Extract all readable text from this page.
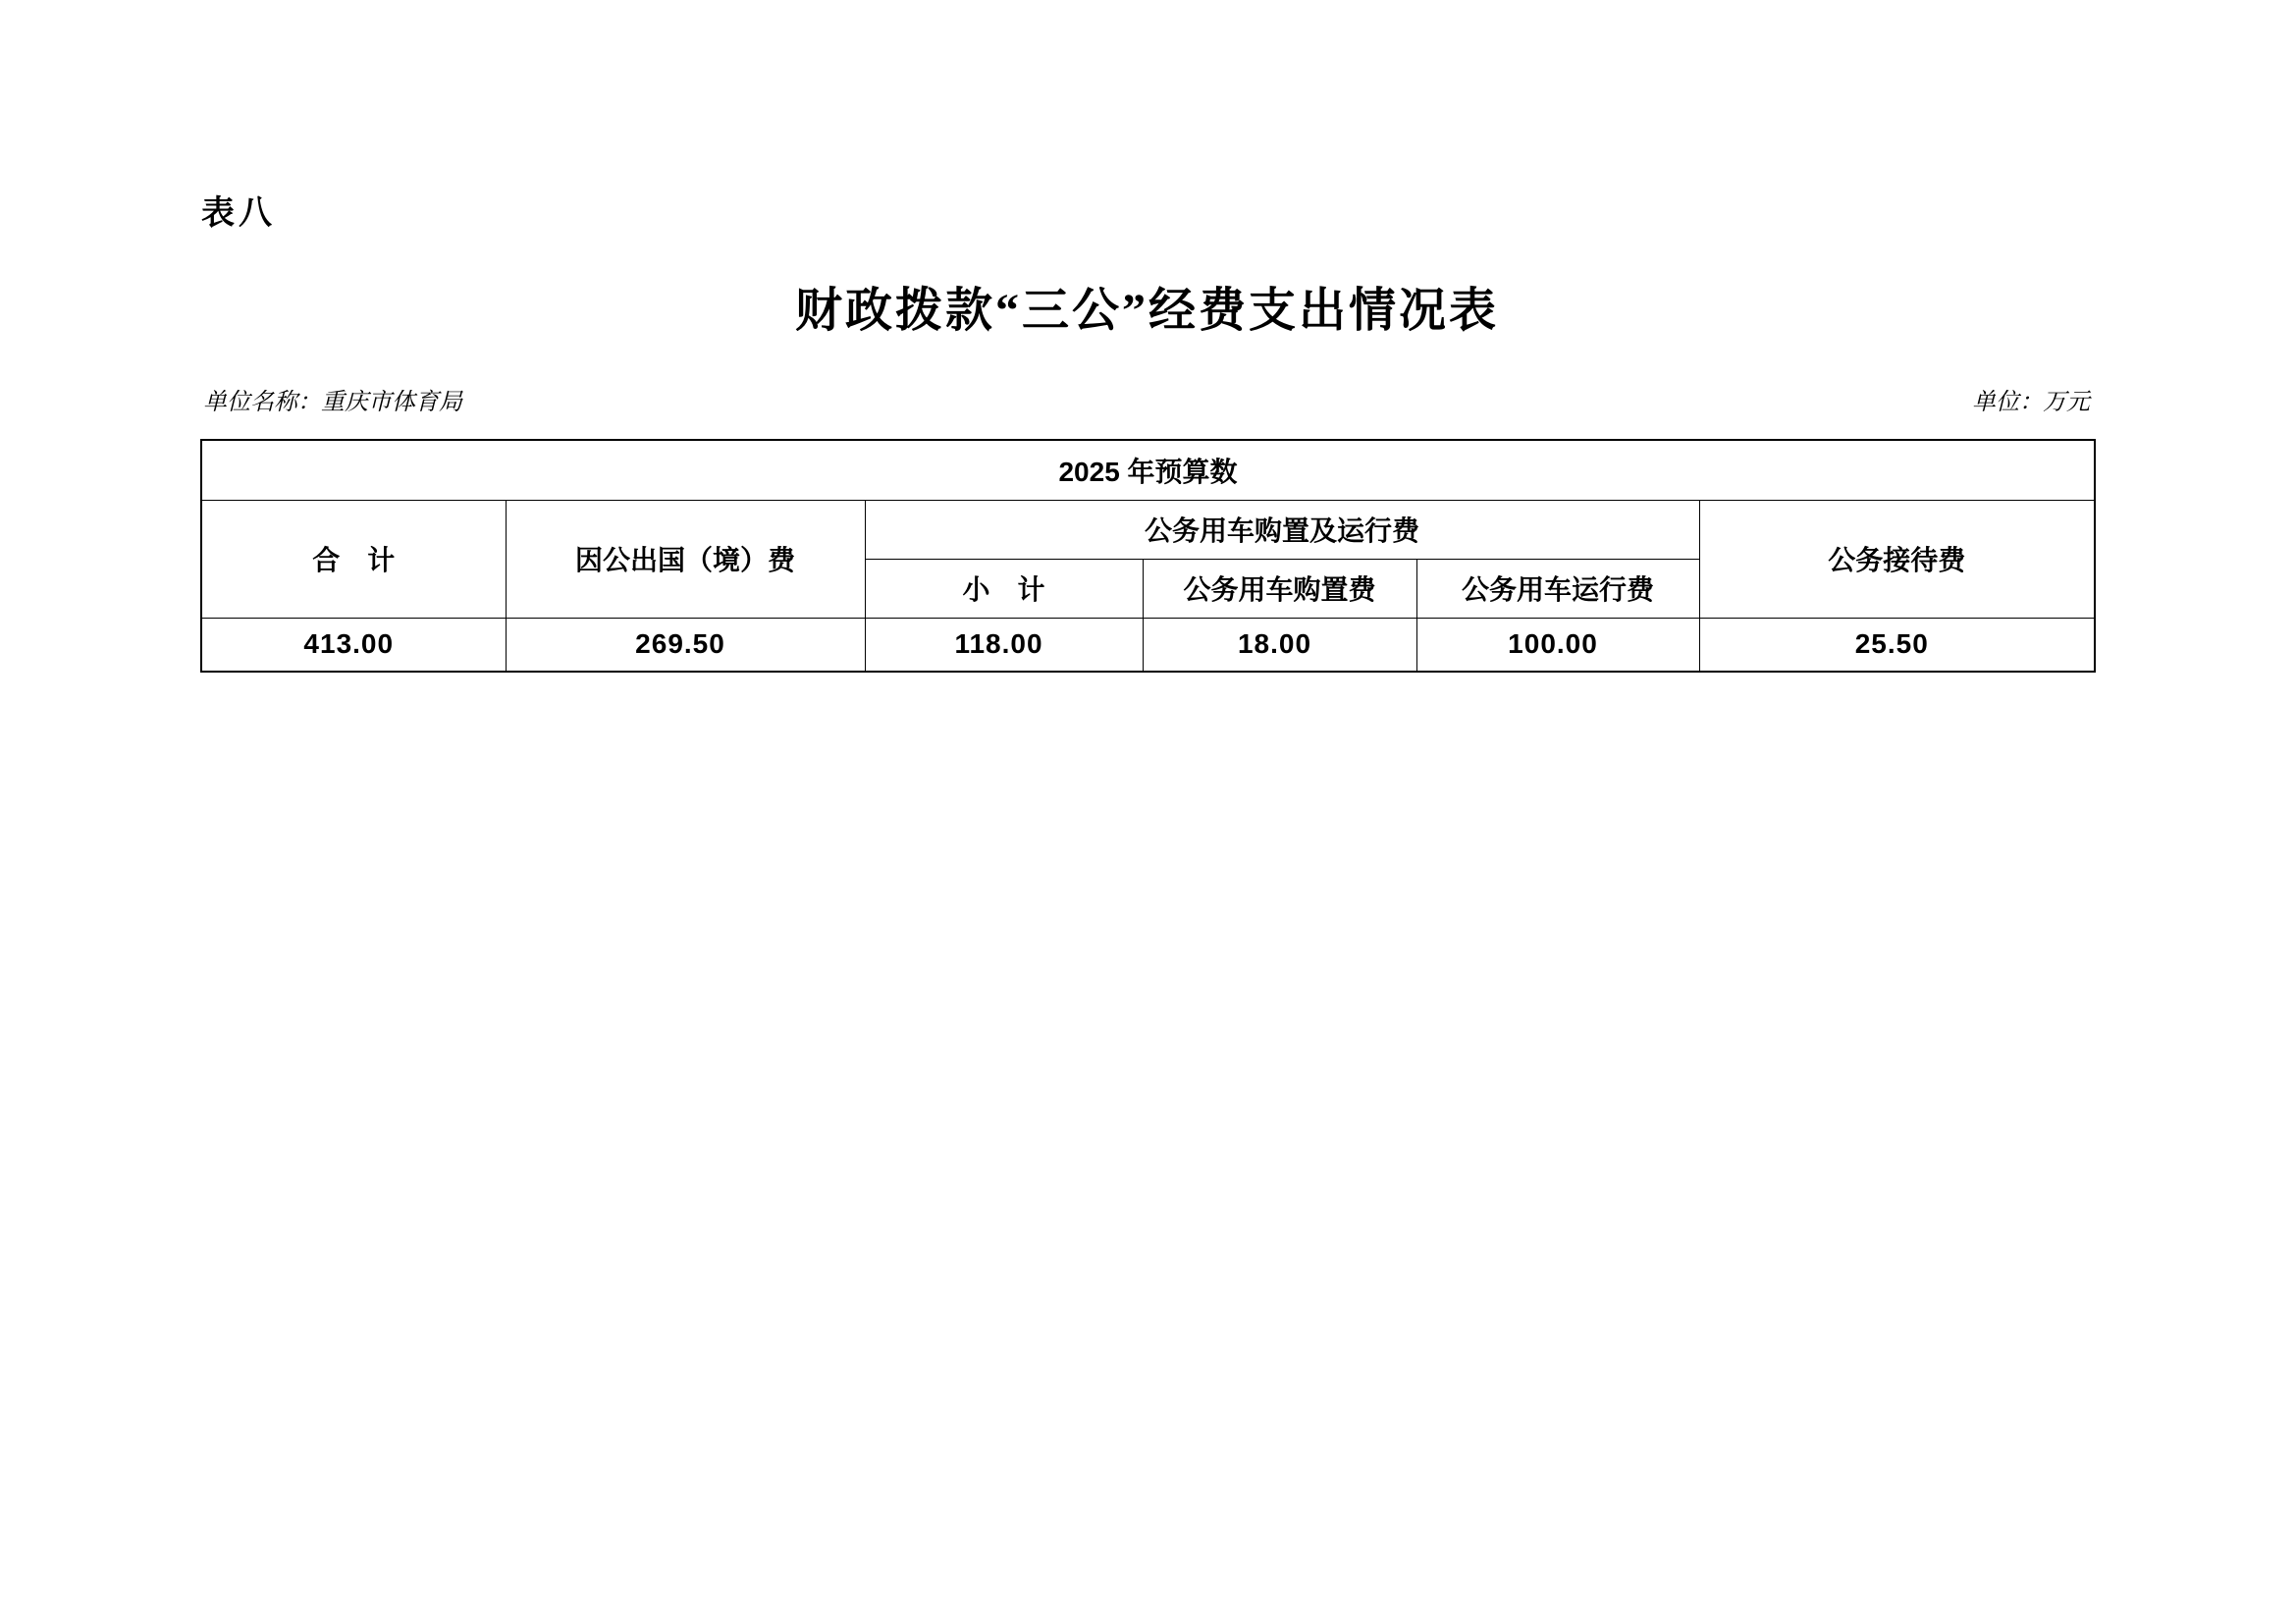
表八
财政拨款“三公”经费支出情况表
单位名称：重庆市体育局	单位：万元
2025 年预算数					
合　计	因公出国（境）费	公务用车购置及运行费			公务接待费
		小　计	公务用车购置费	公务用车运行费	
413.00	269.50	118.00	18.00	100.00	25.50
